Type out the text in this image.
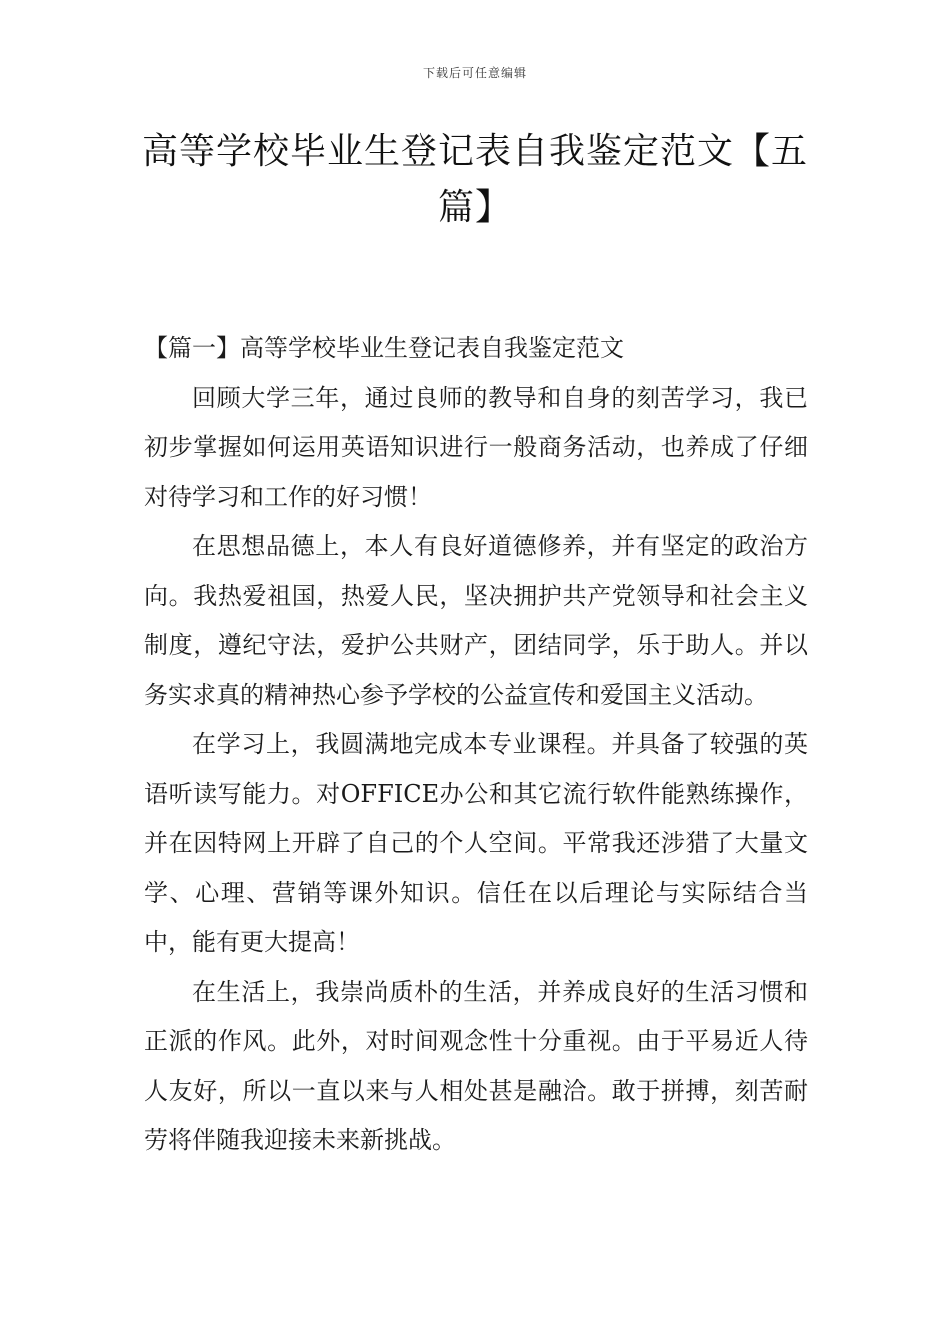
下载后可任意编辑
高等学校毕业生登记表自我鉴定范文【五篇】

【篇一】高等学校毕业生登记表自我鉴定范文

回顾大学三年，通过良师的教导和自身的刻苦学习，我已初步掌握如何运用英语知识进行一般商务活动，也养成了仔细对待学习和工作的好习惯！

在思想品德上，本人有良好道德修养，并有坚定的政治方向。我热爱祖国，热爱人民，坚决拥护共产党领导和社会主义制度，遵纪守法，爱护公共财产，团结同学，乐于助人。并以务实求真的精神热心参予学校的公益宣传和爱国主义活动。

在学习上，我圆满地完成本专业课程。并具备了较强的英语听读写能力。对OFFICE办公和其它流行软件能熟练操作，并在因特网上开辟了自己的个人空间。平常我还涉猎了大量文学、心理、营销等课外知识。信任在以后理论与实际结合当中，能有更大提高！

在生活上，我崇尚质朴的生活，并养成良好的生活习惯和正派的作风。此外，对时间观念性十分重视。由于平易近人待人友好，所以一直以来与人相处甚是融洽。敢于拼搏，刻苦耐劳将伴随我迎接未来新挑战。
